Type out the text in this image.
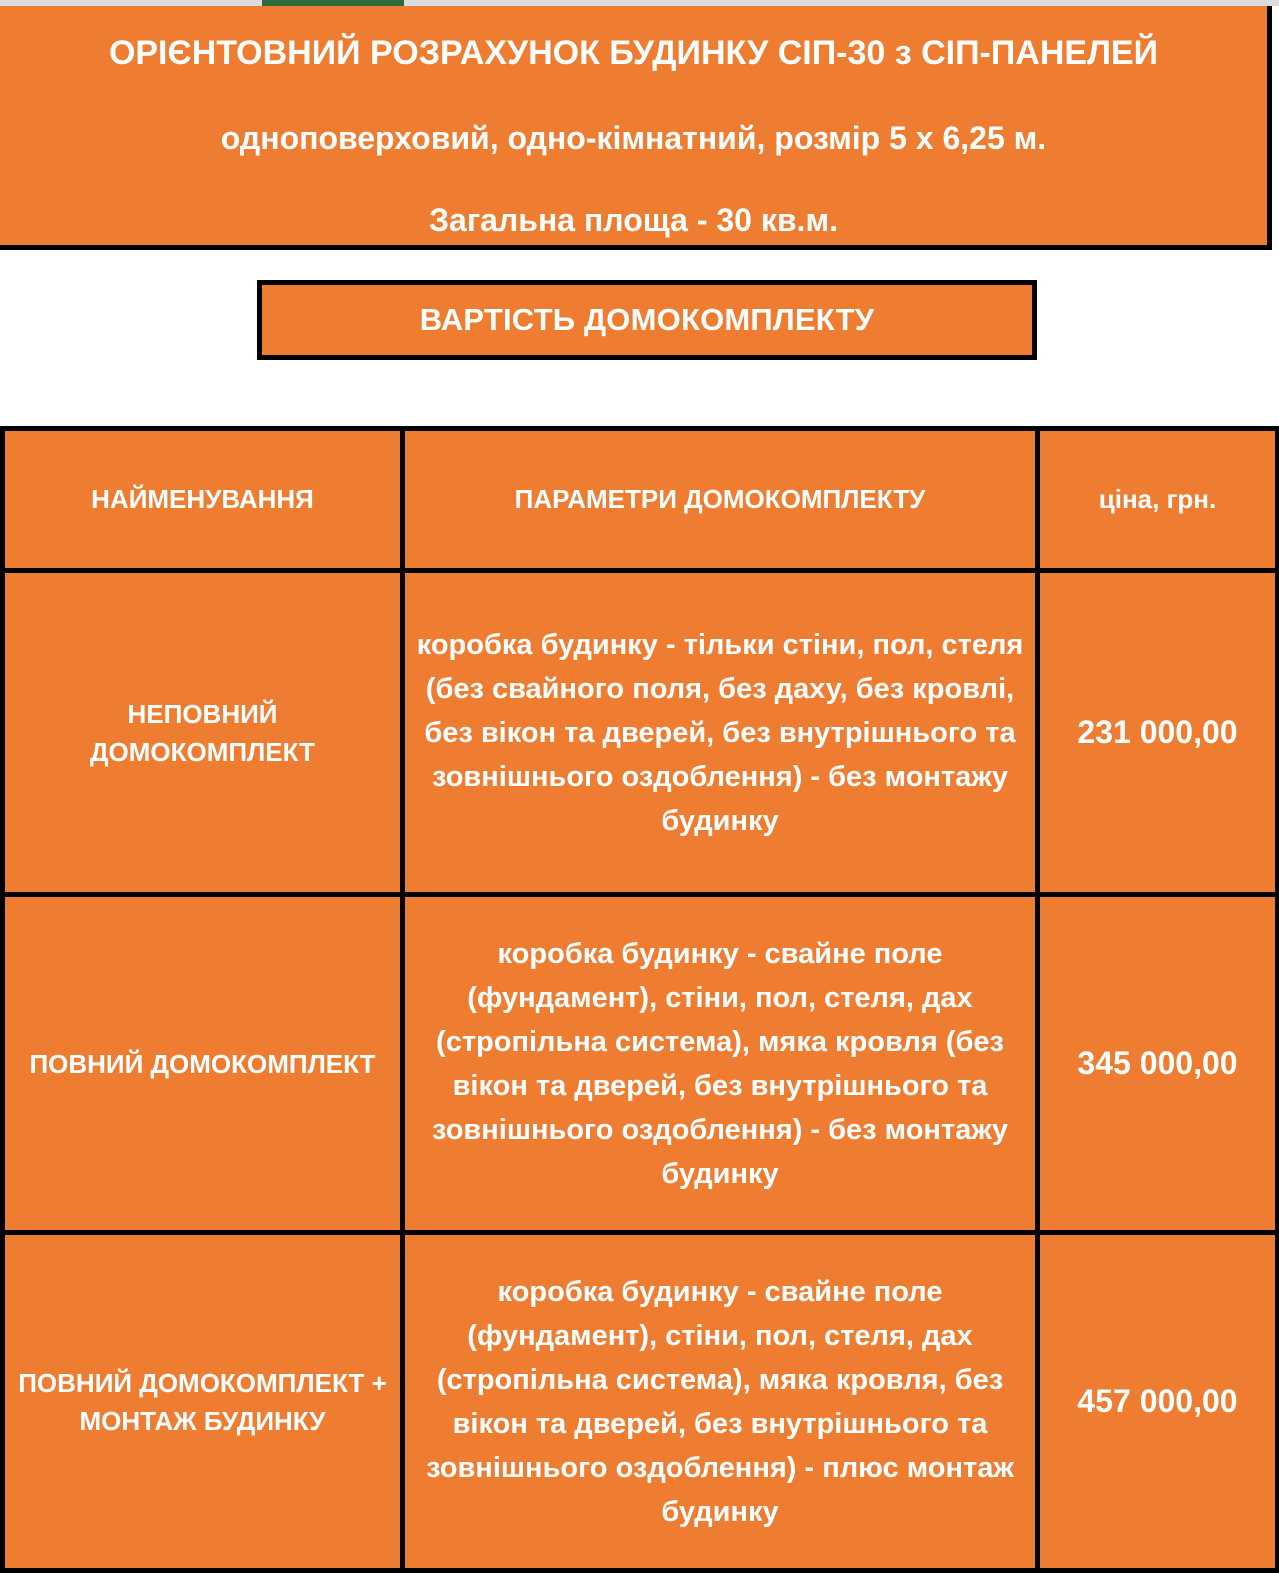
ОРІЄНТОВНИЙ РОЗРАХУНОК БУДИНКУ СІП-30 з СІП-ПАНЕЛЕЙ
одноповерховий, одно-кімнатний, розмір 5 х 6,25 м.
Загальна площа - 30 кв.м.
ВАРТІСТЬ ДОМОКОМПЛЕКТУ
НАЙМЕНУВАННЯ	ПАРАМЕТРИ ДОМОКОМПЛЕКТУ	ціна, грн.
НЕПОВНИЙ ДОМОКОМПЛЕКТ	коробка будинку - тільки стіни, пол, стеля (без свайного поля, без даху, без кровлі, без вікон та дверей, без внутрішнього та зовнішнього оздоблення) - без монтажу будинку	231 000,00
ПОВНИЙ ДОМОКОМПЛЕКТ	коробка будинку - свайне поле (фундамент), стіни, пол, стеля, дах (стропільна система), мяка кровля (без вікон та дверей, без внутрішнього та зовнішнього оздоблення) - без монтажу будинку	345 000,00
ПОВНИЙ ДОМОКОМПЛЕКТ + МОНТАЖ БУДИНКУ	коробка будинку - свайне поле (фундамент), стіни, пол, стеля, дах (стропільна система), мяка кровля, без вікон та дверей, без внутрішнього та зовнішнього оздоблення) - плюс монтаж будинку	457 000,00
